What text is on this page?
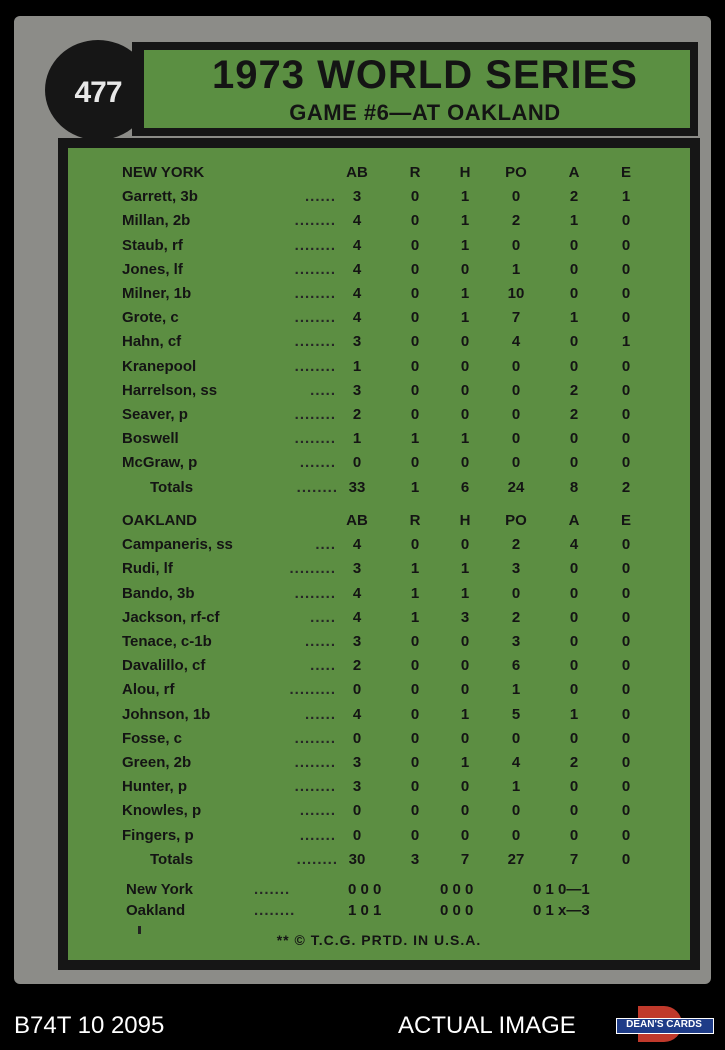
477	1973 WORLD SERIES
GAME #6—AT OAKLAND
NEW YORK	AB	R	H	PO	A	E
Garrett, 3b	......	3	0	1	0	2	1
Millan, 2b	........	4	0	1	2	1	0
Staub, rf	........	4	0	1	0	0	0
Jones, lf	........	4	0	0	1	0	0
Milner, 1b	........	4	0	1	10	0	0
Grote, c	........	4	0	1	7	1	0
Hahn, cf	........	3	0	0	4	0	1
Kranepool	........	1	0	0	0	0	0
Harrelson, ss	.....	3	0	0	0	2	0
Seaver, p	........	2	0	0	0	2	0
Boswell	........	1	1	1	0	0	0
McGraw, p	.......	0	0	0	0	0	0
Totals	........ 33	1	6	24	8	2
OAKLAND	AB	R	H	PO	A	E
Campaneris, ss	....	4	0	0	2	4	0
Rudi, lf	.........	3	1	1	3	0	0
Bando, 3b	........	4	1	1	0	0	0
Jackson, rf-cf	.....	4	1	3	2	0	0
Tenace, c-1b	......	3	0	0	3	0	0
Davalillo, cf	.....	2	0	0	6	0	0
Alou, rf	.........	0	0	0	1	0	0
Johnson, 1b	......	4	0	1	5	1	0
Fosse, c	........	0	0	0	0	0	0
Green, 2b	........	3	0	1	4	2	0
Hunter, p	........	3	0	0	1	0	0
Knowles, p	.......	0	0	0	0	0	0
Fingers, p	.......	0	0	0	0	0	0
Totals	........ 30	3	7	27	7	0
New York	.......	0 0 0	0 0 0	0 1 0—1
Oakland	........	1 0 1	0 0 0	0 1 x—3
** © T.C.G. PRTD. IN U.S.A.
B74T 10 2095	ACTUAL IMAGE	DEAN'S CARDS
